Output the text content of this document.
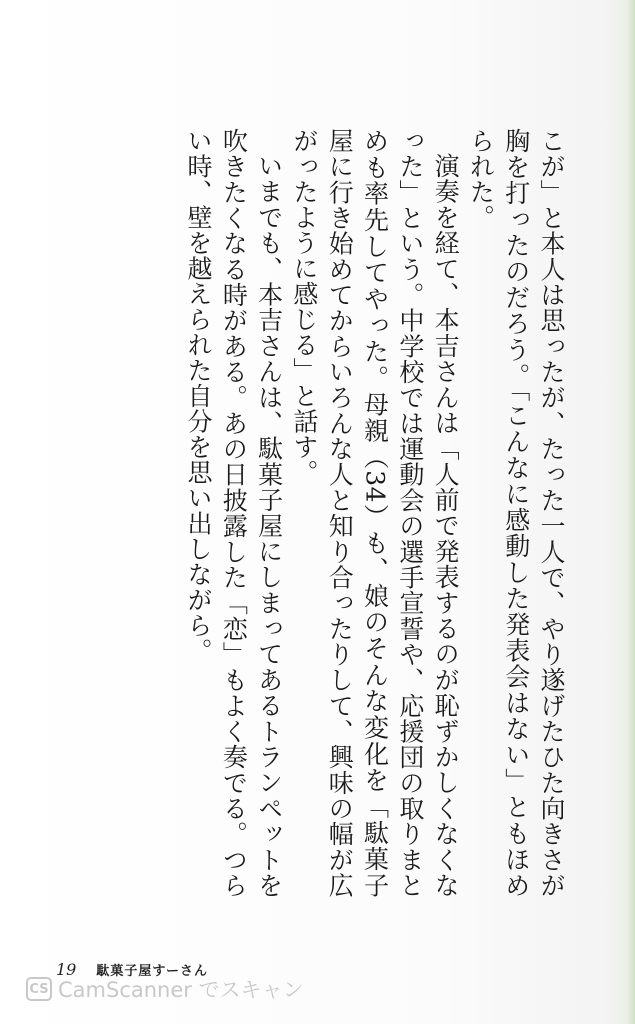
こが」と本人は思ったが、たった一人で、やり遂げたひた向きさが胸を打ったのだろう。「こんなに感動した発表会はない」ともほめられた。

演奏を経て、本吉さんは「人前で発表するのが恥ずかしくなくなった」という。中学校では運動会の選手宣誓や、応援団の取りまとめも率先してやった。母親（34）も、娘のそんな変化を「駄菓子屋に行き始めてからいろんな人と知り合ったりして、興味の幅が広がったように感じる」と話す。

いまでも、本吉さんは、駄菓子屋にしまってあるトランペットを吹きたくなる時がある。あの日披露した「恋」もよく奏でる。つらい時、壁を越えられた自分を思い出しながら。

19 駄菓子屋すーさん
CS CamScanner でスキャン
